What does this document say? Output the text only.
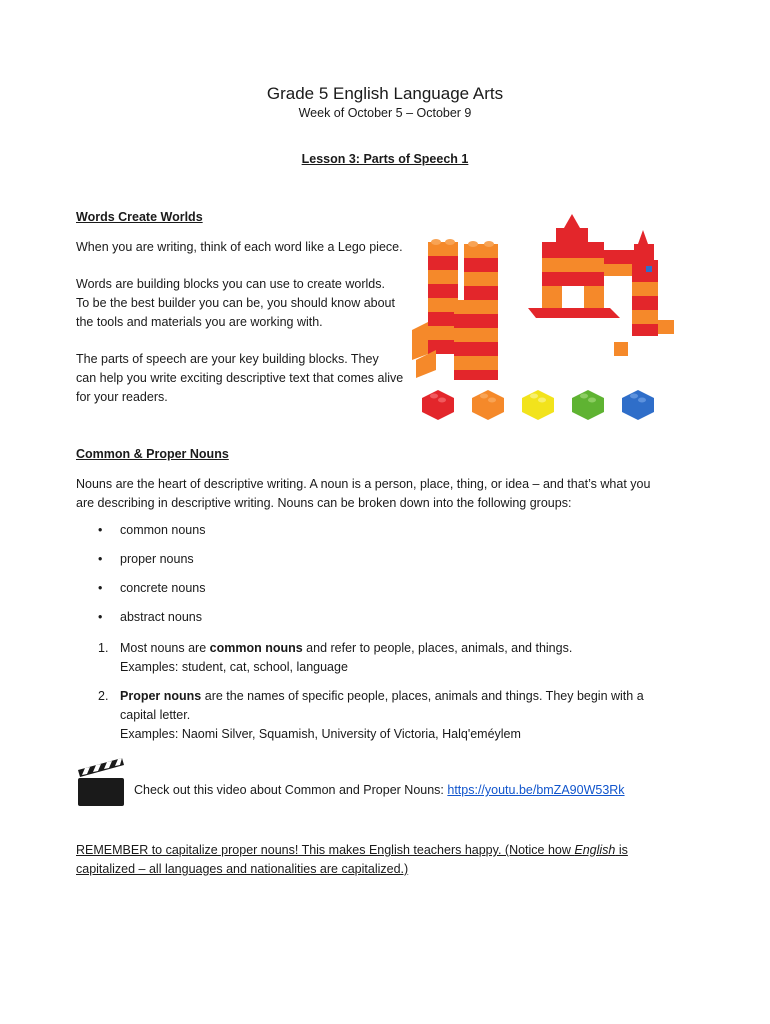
Grade 5 English Language Arts
Week of October 5 – October 9
Lesson 3: Parts of Speech 1
Words Create Worlds

When you are writing, think of each word like a Lego piece.

Words are building blocks you can use to create worlds.

To be the best builder you can be, you should know about

the tools and materials you are working with.

The parts of speech are your key building blocks. They

can help you write exciting descriptive text that comes alive

for your readers.

Common & Proper Nouns

Nouns are the heart of descriptive writing. A noun is a person, place, thing, or idea – and that’s what you

are describing in descriptive writing. Nouns can be broken down into the following groups:

•	common nouns
•	proper nouns
•	concrete nouns
•	abstract nouns
1. Most nouns are common nouns and refer to people, places, animals, and things.
Examples: student, cat, school, language
2. Proper nouns are the names of specific people, places, animals and things. They begin with a
capital letter.
Examples: Naomi Silver, Squamish, University of Victoria, Halq'eméylem
Check out this video about Common and Proper Nouns: https://youtu.be/bmZA90W53Rk
REMEMBER to capitalize proper nouns! This makes English teachers happy. (Notice how English is
capitalized – all languages and nationalities are capitalized.)
